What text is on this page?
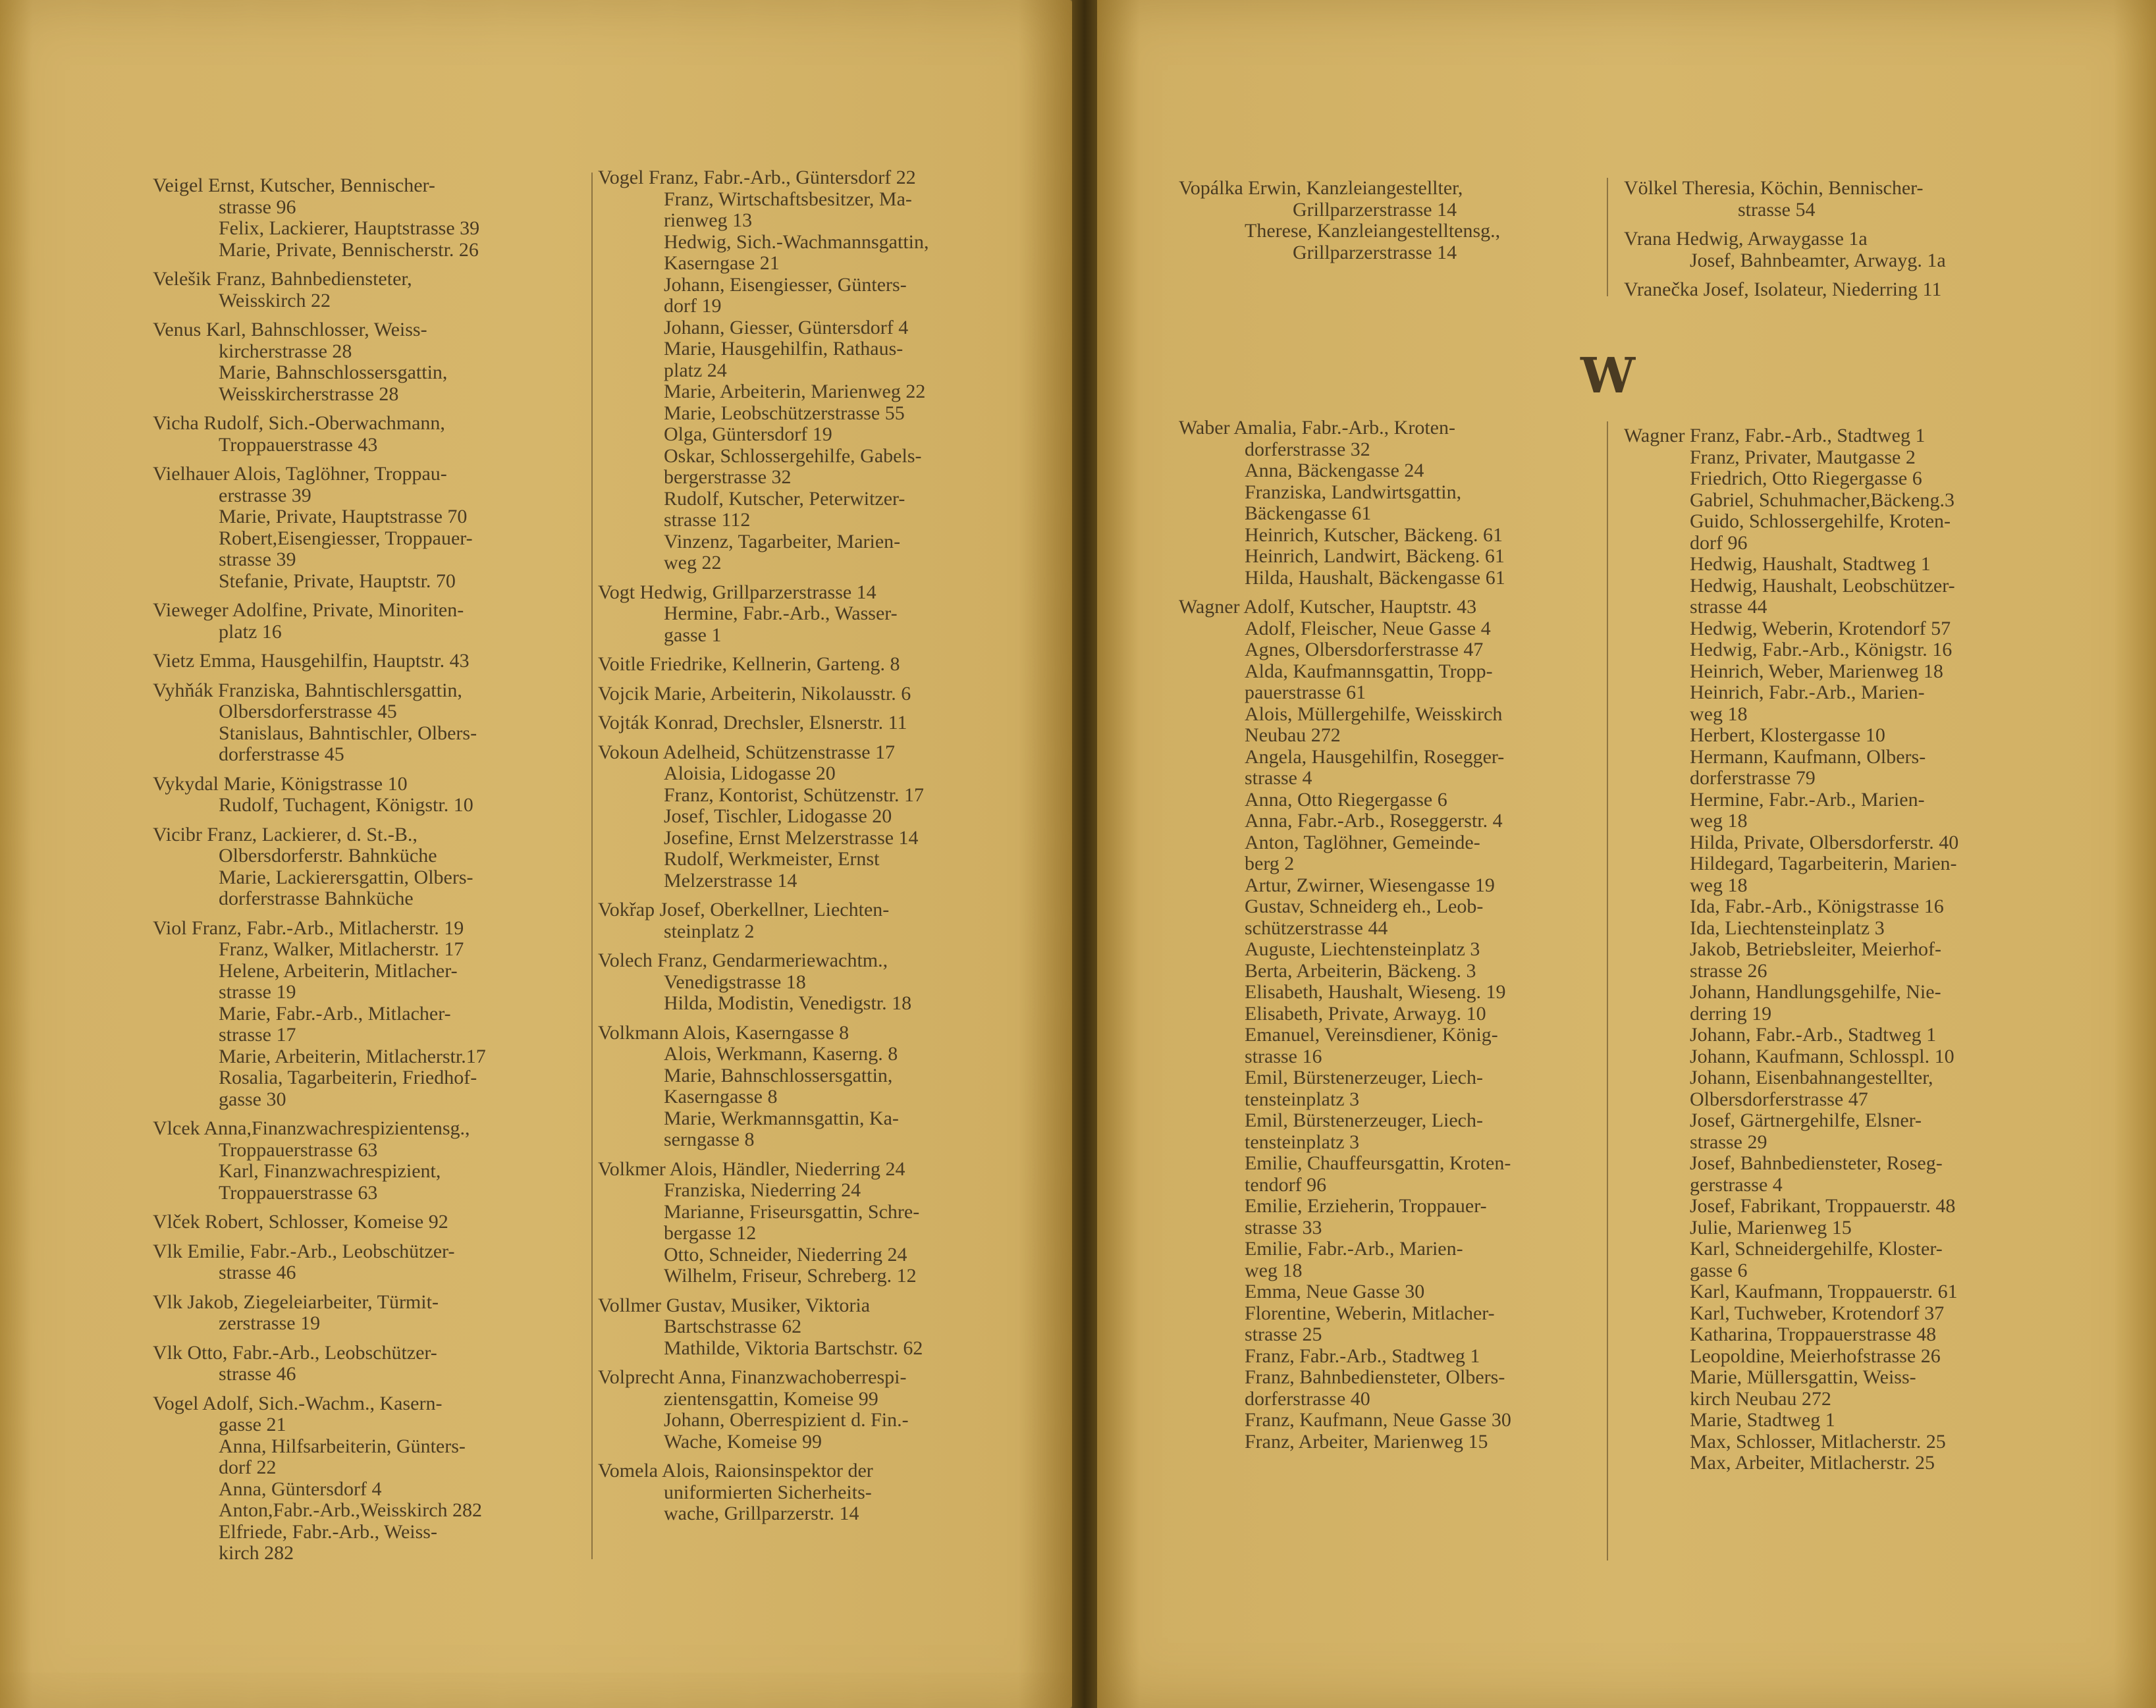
Veigel Ernst, Kutscher, Bennischer-
strasse 96
Felix, Lackierer, Hauptstrasse 39
Marie, Private, Bennischerstr. 26
Velešik Franz, Bahnbediensteter,
Weisskirch 22
Venus Karl, Bahnschlosser, Weiss-
kircherstrasse 28
Marie, Bahnschlossersgattin,
Weisskircherstrasse 28
Vicha Rudolf, Sich.-Oberwachmann,
Troppauerstrasse 43
Vielhauer Alois, Taglöhner, Troppau-
erstrasse 39
Marie, Private, Hauptstrasse 70
Robert,Eisengiesser, Troppauer-
strasse 39
Stefanie, Private, Hauptstr. 70
Vieweger Adolfine, Private, Minoriten-
platz 16
Vietz Emma, Hausgehilfin, Hauptstr. 43
Vyhňák Franziska, Bahntischlersgattin,
Olbersdorferstrasse 45
Stanislaus, Bahntischler, Olbers-
dorferstrasse 45
Vykydal Marie, Königstrasse 10
Rudolf, Tuchagent, Königstr. 10
Vicibr Franz, Lackierer, d. St.-B.,
Olbersdorferstr. Bahnküche
Marie, Lackierersgattin, Olbers-
dorferstrasse Bahnküche
Viol Franz, Fabr.-Arb., Mitlacherstr. 19
Franz, Walker, Mitlacherstr. 17
Helene, Arbeiterin, Mitlacher-
strasse 19
Marie, Fabr.-Arb., Mitlacher-
strasse 17
Marie, Arbeiterin, Mitlacherstr.17
Rosalia, Tagarbeiterin, Friedhof-
gasse 30
Vlcek Anna,Finanzwachrespizientensg.,
Troppauerstrasse 63
Karl, Finanzwachrespizient,
Troppauerstrasse 63
Vlček Robert, Schlosser, Komeise 92
Vlk Emilie, Fabr.-Arb., Leobschützer-
strasse 46
Vlk Jakob, Ziegeleiarbeiter, Türmit-
zerstrasse 19
Vlk Otto, Fabr.-Arb., Leobschützer-
strasse 46
Vogel Adolf, Sich.-Wachm., Kasern-
gasse 21
Anna, Hilfsarbeiterin, Günters-
dorf 22
Anna, Güntersdorf 4
Anton,Fabr.-Arb.,Weisskirch 282
Elfriede, Fabr.-Arb., Weiss-
kirch 282
Vogel Franz, Fabr.-Arb., Güntersdorf 22
Franz, Wirtschaftsbesitzer, Ma-
rienweg 13
Hedwig, Sich.-Wachmannsgattin,
Kaserngase 21
Johann, Eisengiesser, Günters-
dorf 19
Johann, Giesser, Güntersdorf 4
Marie, Hausgehilfin, Rathaus-
platz 24
Marie, Arbeiterin, Marienweg 22
Marie, Leobschützerstrasse 55
Olga, Güntersdorf 19
Oskar, Schlossergehilfe, Gabels-
bergerstrasse 32
Rudolf, Kutscher, Peterwitzer-
strasse 112
Vinzenz, Tagarbeiter, Marien-
weg 22
Vogt Hedwig, Grillparzerstrasse 14
Hermine, Fabr.-Arb., Wasser-
gasse 1
Voitle Friedrike, Kellnerin, Garteng. 8
Vojcik Marie, Arbeiterin, Nikolausstr. 6
Vojták Konrad, Drechsler, Elsnerstr. 11
Vokoun Adelheid, Schützenstrasse 17
Aloisia, Lidogasse 20
Franz, Kontorist, Schützenstr. 17
Josef, Tischler, Lidogasse 20
Josefine, Ernst Melzerstrasse 14
Rudolf, Werkmeister, Ernst
Melzerstrasse 14
Vokřap Josef, Oberkellner, Liechten-
steinplatz 2
Volech Franz, Gendarmeriewachtm.,
Venedigstrasse 18
Hilda, Modistin, Venedigstr. 18
Volkmann Alois, Kaserngasse 8
Alois, Werkmann, Kaserng. 8
Marie, Bahnschlossersgattin,
Kaserngasse 8
Marie, Werkmannsgattin, Ka-
serngasse 8
Volkmer Alois, Händler, Niederring 24
Franziska, Niederring 24
Marianne, Friseursgattin, Schre-
bergasse 12
Otto, Schneider, Niederring 24
Wilhelm, Friseur, Schreberg. 12
Vollmer Gustav, Musiker, Viktoria
Bartschstrasse 62
Mathilde, Viktoria Bartschstr. 62
Volprecht Anna, Finanzwachoberrespi-
zientensgattin, Komeise 99
Johann, Oberrespizient d. Fin.-
Wache, Komeise 99
Vomela Alois, Raionsinspektor der
uniformierten Sicherheits-
wache, Grillparzerstr. 14
Vopálka Erwin, Kanzleiangestellter,
Grillparzerstrasse 14
Therese, Kanzleiangestelltensg.,
Grillparzerstrasse 14
Völkel Theresia, Köchin, Bennischer-
strasse 54
Vrana Hedwig, Arwaygasse 1a
Josef, Bahnbeamter, Arwayg. 1a
Vranečka Josef, Isolateur, Niederring 11
W
Waber Amalia, Fabr.-Arb., Kroten-
dorferstrasse 32
Anna, Bäckengasse 24
Franziska, Landwirtsgattin,
Bäckengasse 61
Heinrich, Kutscher, Bäckeng. 61
Heinrich, Landwirt, Bäckeng. 61
Hilda, Haushalt, Bäckengasse 61
Wagner Adolf, Kutscher, Hauptstr. 43
Adolf, Fleischer, Neue Gasse 4
Agnes, Olbersdorferstrasse 47
Alda, Kaufmannsgattin, Tropp-
pauerstrasse 61
Alois, Müllergehilfe, Weisskirch
Neubau 272
Angela, Hausgehilfin, Rosegger-
strasse 4
Anna, Otto Riegergasse 6
Anna, Fabr.-Arb., Roseggerstr. 4
Anton, Taglöhner, Gemeinde-
berg 2
Artur, Zwirner, Wiesengasse 19
Gustav, Schneiderg eh., Leob-
schützerstrasse 44
Auguste, Liechtensteinplatz 3
Berta, Arbeiterin, Bäckeng. 3
Elisabeth, Haushalt, Wieseng. 19
Elisabeth, Private, Arwayg. 10
Emanuel, Vereinsdiener, König-
strasse 16
Emil, Bürstenerzeuger, Liech-
tensteinplatz 3
Emil, Bürstenerzeuger, Liech-
tensteinplatz 3
Emilie, Chauffeursgattin, Kroten-
tendorf 96
Emilie, Erzieherin, Troppauer-
strasse 33
Emilie, Fabr.-Arb., Marien-
weg 18
Emma, Neue Gasse 30
Florentine, Weberin, Mitlacher-
strasse 25
Franz, Fabr.-Arb., Stadtweg 1
Franz, Bahnbediensteter, Olbers-
dorferstrasse 40
Franz, Kaufmann, Neue Gasse 30
Franz, Arbeiter, Marienweg 15
Wagner Franz, Fabr.-Arb., Stadtweg 1
Franz, Privater, Mautgasse 2
Friedrich, Otto Riegergasse 6
Gabriel, Schuhmacher,Bäckeng.3
Guido, Schlossergehilfe, Kroten-
dorf 96
Hedwig, Haushalt, Stadtweg 1
Hedwig, Haushalt, Leobschützer-
strasse 44
Hedwig, Weberin, Krotendorf 57
Hedwig, Fabr.-Arb., Königstr. 16
Heinrich, Weber, Marienweg 18
Heinrich, Fabr.-Arb., Marien-
weg 18
Herbert, Klostergasse 10
Hermann, Kaufmann, Olbers-
dorferstrasse 79
Hermine, Fabr.-Arb., Marien-
weg 18
Hilda, Private, Olbersdorferstr. 40
Hildegard, Tagarbeiterin, Marien-
weg 18
Ida, Fabr.-Arb., Königstrasse 16
Ida, Liechtensteinplatz 3
Jakob, Betriebsleiter, Meierhof-
strasse 26
Johann, Handlungsgehilfe, Nie-
derring 19
Johann, Fabr.-Arb., Stadtweg 1
Johann, Kaufmann, Schlosspl. 10
Johann, Eisenbahnangestellter,
Olbersdorferstrasse 47
Josef, Gärtnergehilfe, Elsner-
strasse 29
Josef, Bahnbediensteter, Roseg-
gerstrasse 4
Josef, Fabrikant, Troppauerstr. 48
Julie, Marienweg 15
Karl, Schneidergehilfe, Kloster-
gasse 6
Karl, Kaufmann, Troppauerstr. 61
Karl, Tuchweber, Krotendorf 37
Katharina, Troppauerstrasse 48
Leopoldine, Meierhofstrasse 26
Marie, Müllersgattin, Weiss-
kirch Neubau 272
Marie, Stadtweg 1
Max, Schlosser, Mitlacherstr. 25
Max, Arbeiter, Mitlacherstr. 25
